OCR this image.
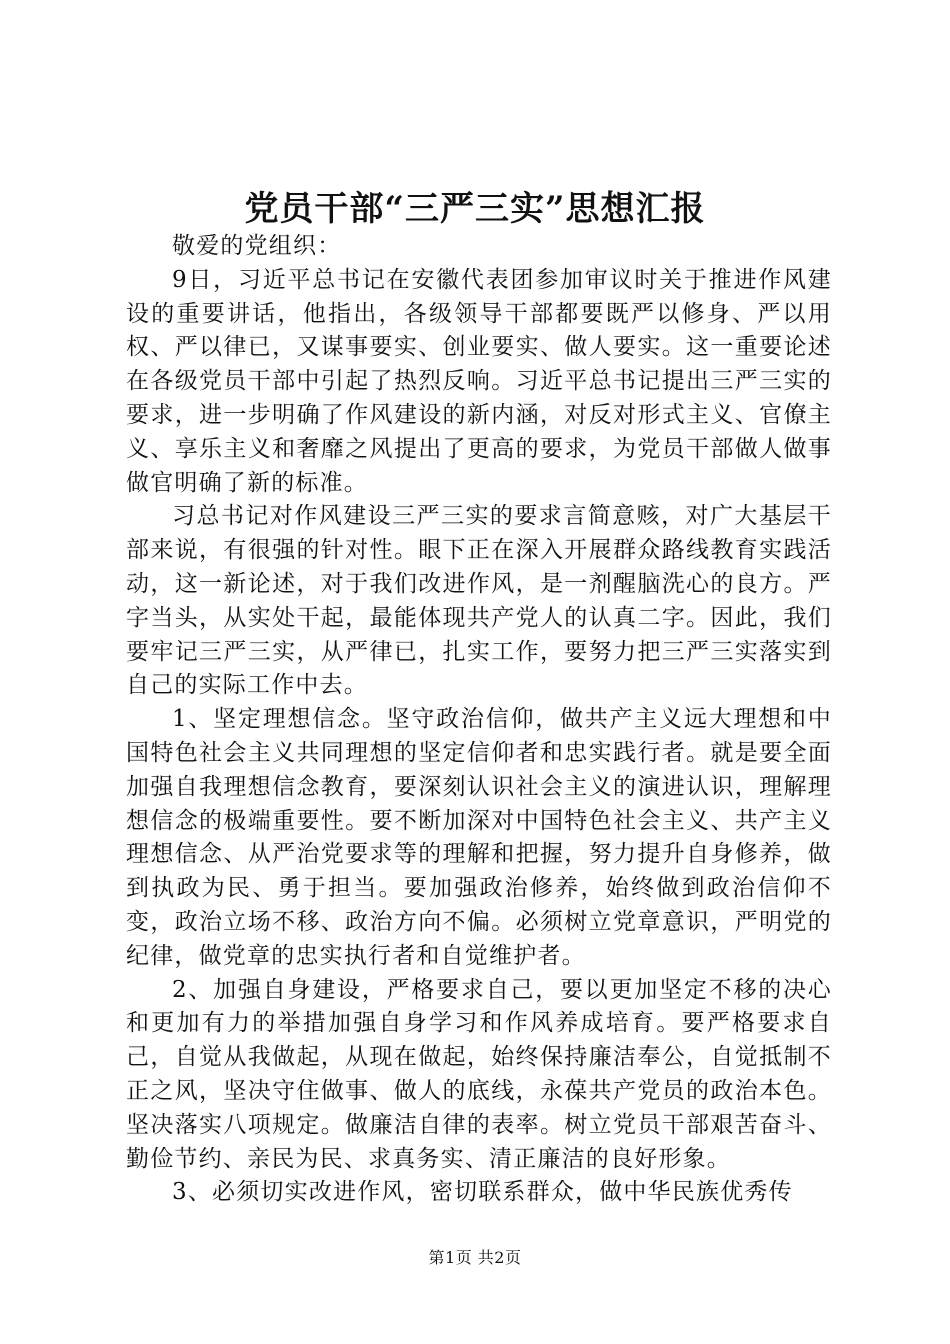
党员干部“三严三实”思想汇报
敬爱的党组织：

9日，习近平总书记在安徽代表团参加审议时关于推进作风建设的重要讲话，他指出，各级领导干部都要既严以修身、严以用权、严以律已，又谋事要实、创业要实、做人要实。这一重要论述在各级党员干部中引起了热烈反响。习近平总书记提出三严三实的要求，进一步明确了作风建设的新内涵，对反对形式主义、官僚主义、享乐主义和奢靡之风提出了更高的要求，为党员干部做人做事做官明确了新的标准。

习总书记对作风建设三严三实的要求言简意赅，对广大基层干部来说，有很强的针对性。眼下正在深入开展群众路线教育实践活动，这一新论述，对于我们改进作风，是一剂醒脑洗心的良方。严字当头，从实处干起，最能体现共产党人的认真二字。因此，我们要牢记三严三实，从严律已，扎实工作，要努力把三严三实落实到自己的实际工作中去。

1、坚定理想信念。坚守政治信仰，做共产主义远大理想和中国特色社会主义共同理想的坚定信仰者和忠实践行者。就是要全面加强自我理想信念教育，要深刻认识社会主义的演进认识，理解理想信念的极端重要性。要不断加深对中国特色社会主义、共产主义理想信念、从严治党要求等的理解和把握，努力提升自身修养，做到执政为民、勇于担当。要加强政治修养，始终做到政治信仰不变，政治立场不移、政治方向不偏。必须树立党章意识，严明党的纪律，做党章的忠实执行者和自觉维护者。

2、加强自身建设，严格要求自己，要以更加坚定不移的决心和更加有力的举措加强自身学习和作风养成培育。要严格要求自己，自觉从我做起，从现在做起，始终保持廉洁奉公，自觉抵制不正之风，坚决守住做事、做人的底线，永葆共产党员的政治本色。坚决落实八项规定。做廉洁自律的表率。树立党员干部艰苦奋斗、勤俭节约、亲民为民、求真务实、清正廉洁的良好形象。

3、必须切实改进作风，密切联系群众，做中华民族优秀传

第1页 共2页
